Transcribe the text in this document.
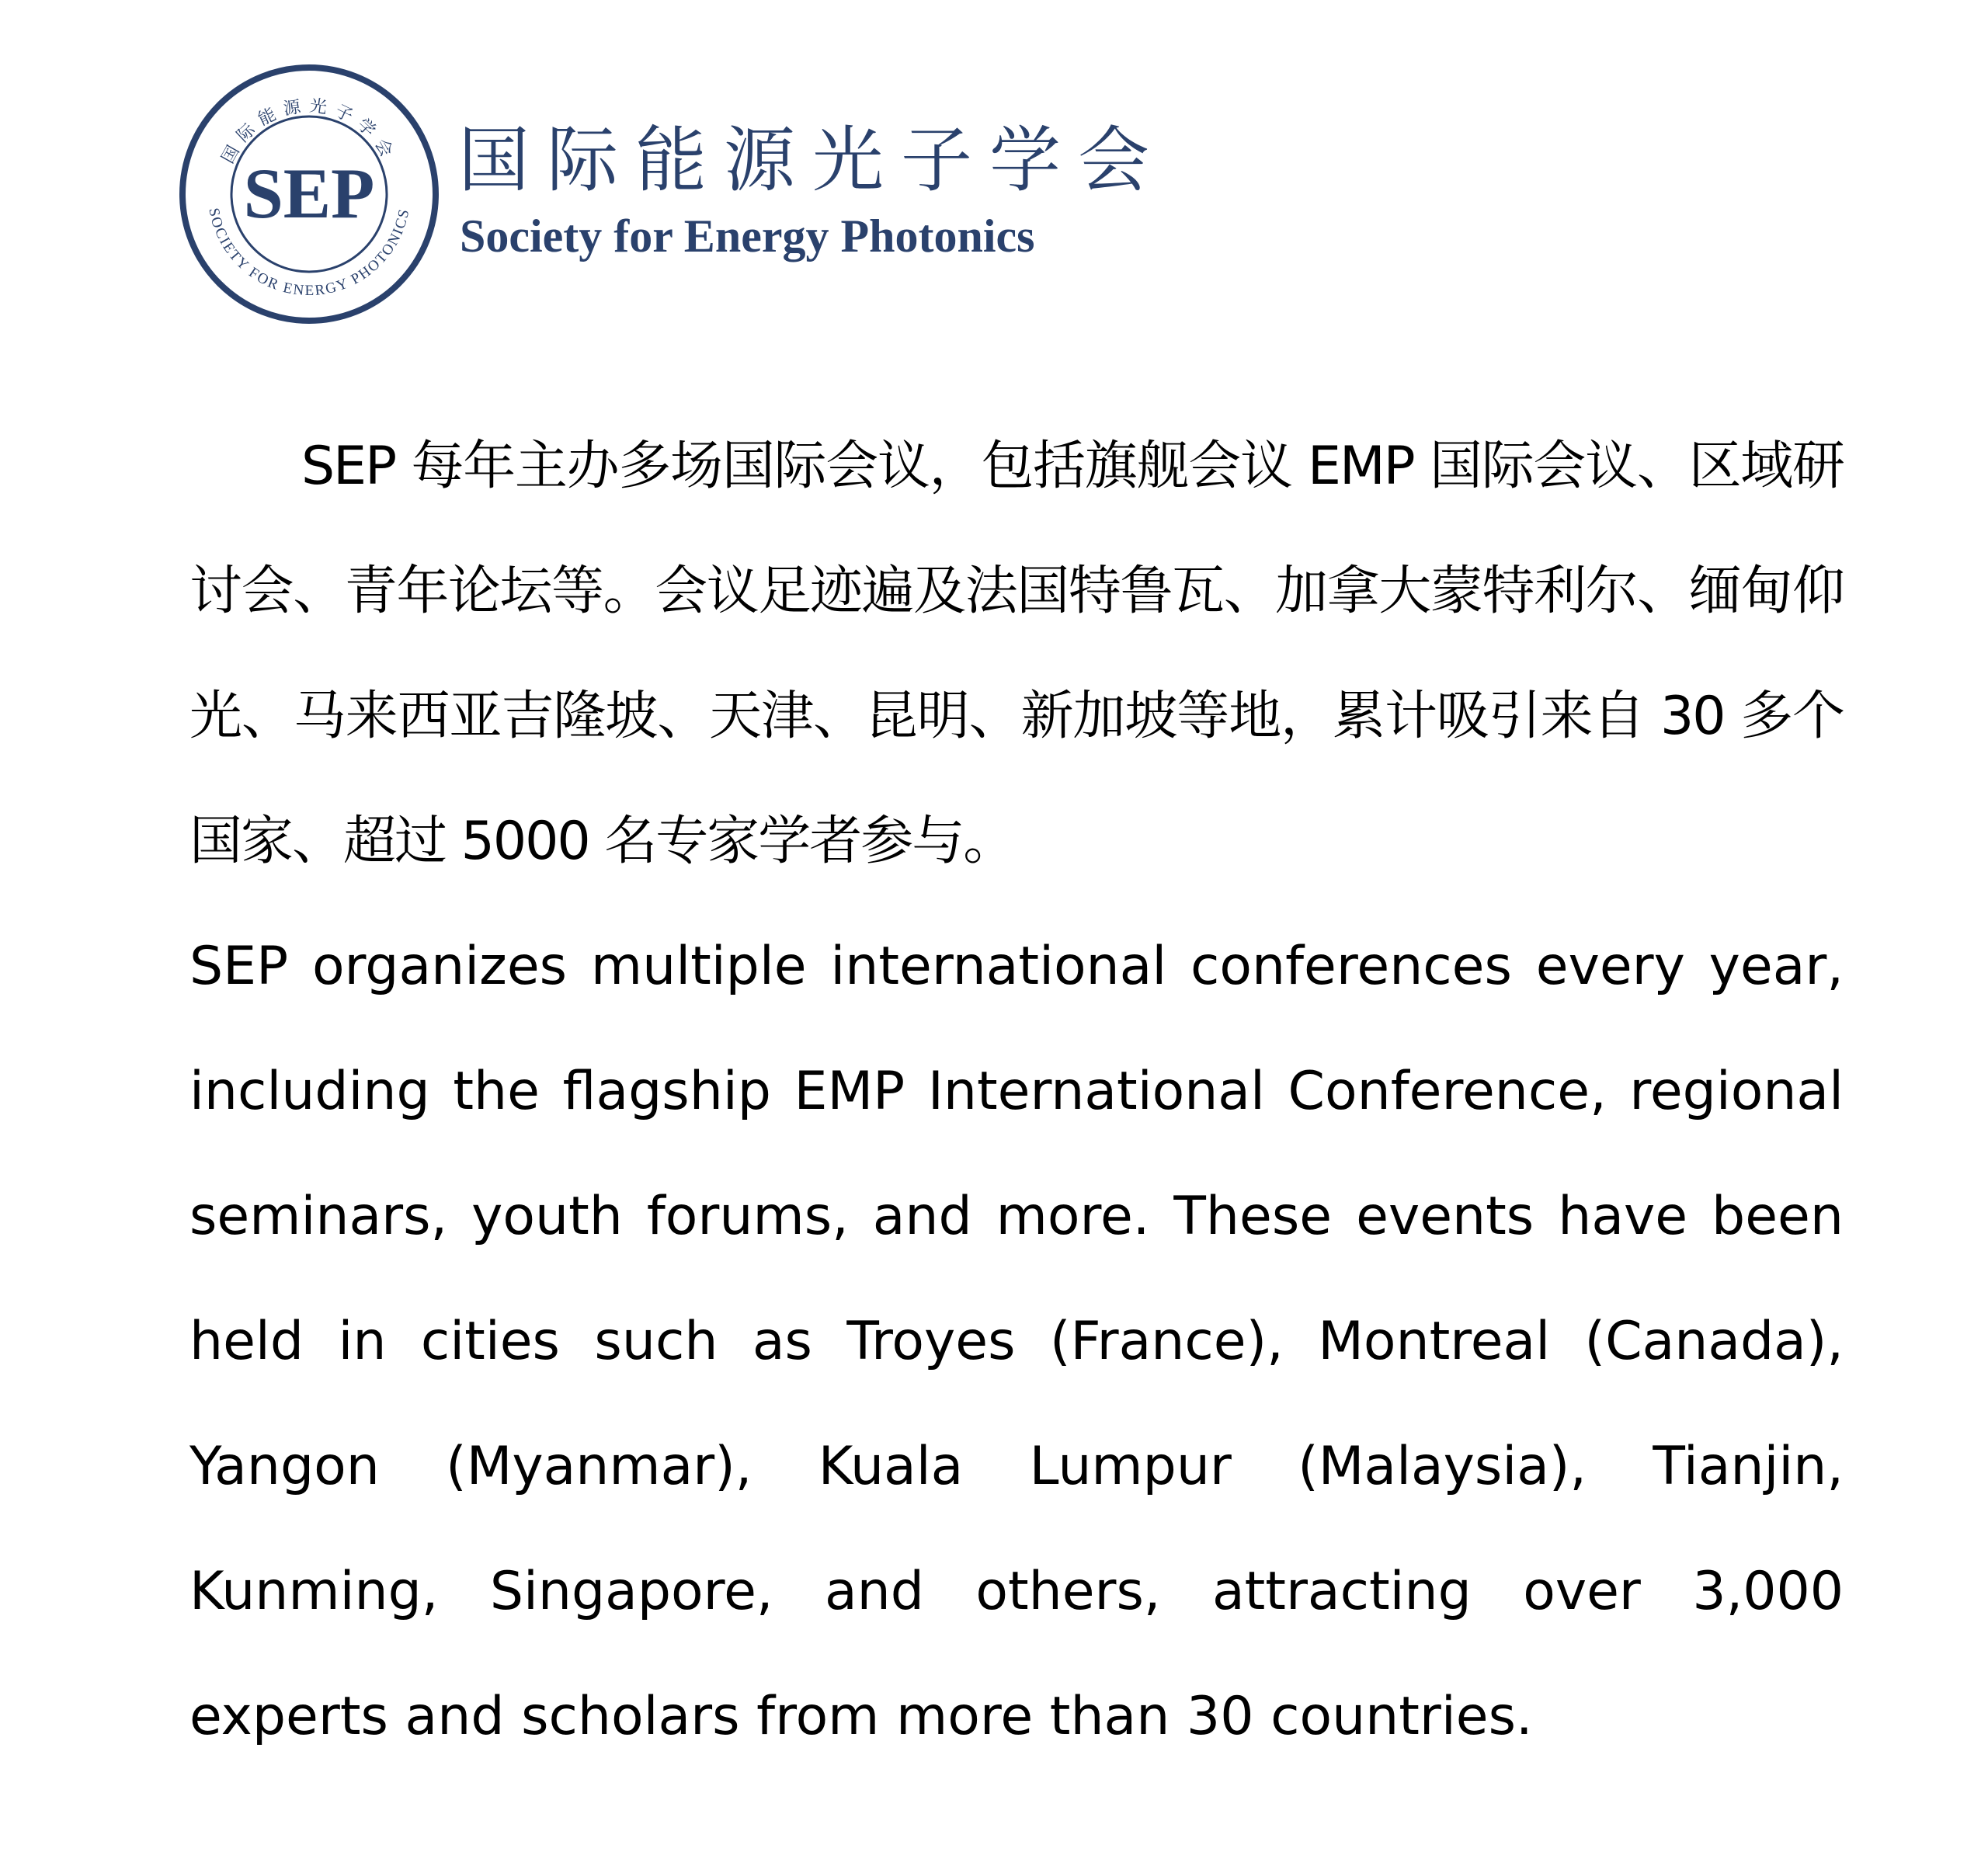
国际能源光子学会
SOCIETY FOR ENERGY PHOTONICS
SEP 国际能源光子学会
Society for Energy Photonics

SEP 每年主办多场国际会议，包括旗舰会议 EMP 国际会议、区域研讨会、青年论坛等。会议足迹遍及法国特鲁瓦、加拿大蒙特利尔、缅甸仰光、马来西亚吉隆坡、天津、昆明、新加坡等地，累计吸引来自 30 多个国家、超过 5000 名专家学者参与。

SEP organizes multiple international conferences every year, including the flagship EMP International Conference, regional seminars, youth forums, and more. These events have been held in cities such as Troyes (France), Montreal (Canada), Yangon (Myanmar), Kuala Lumpur (Malaysia), Tianjin, Kunming, Singapore, and others, attracting over 3,000 experts and scholars from more than 30 countries.
